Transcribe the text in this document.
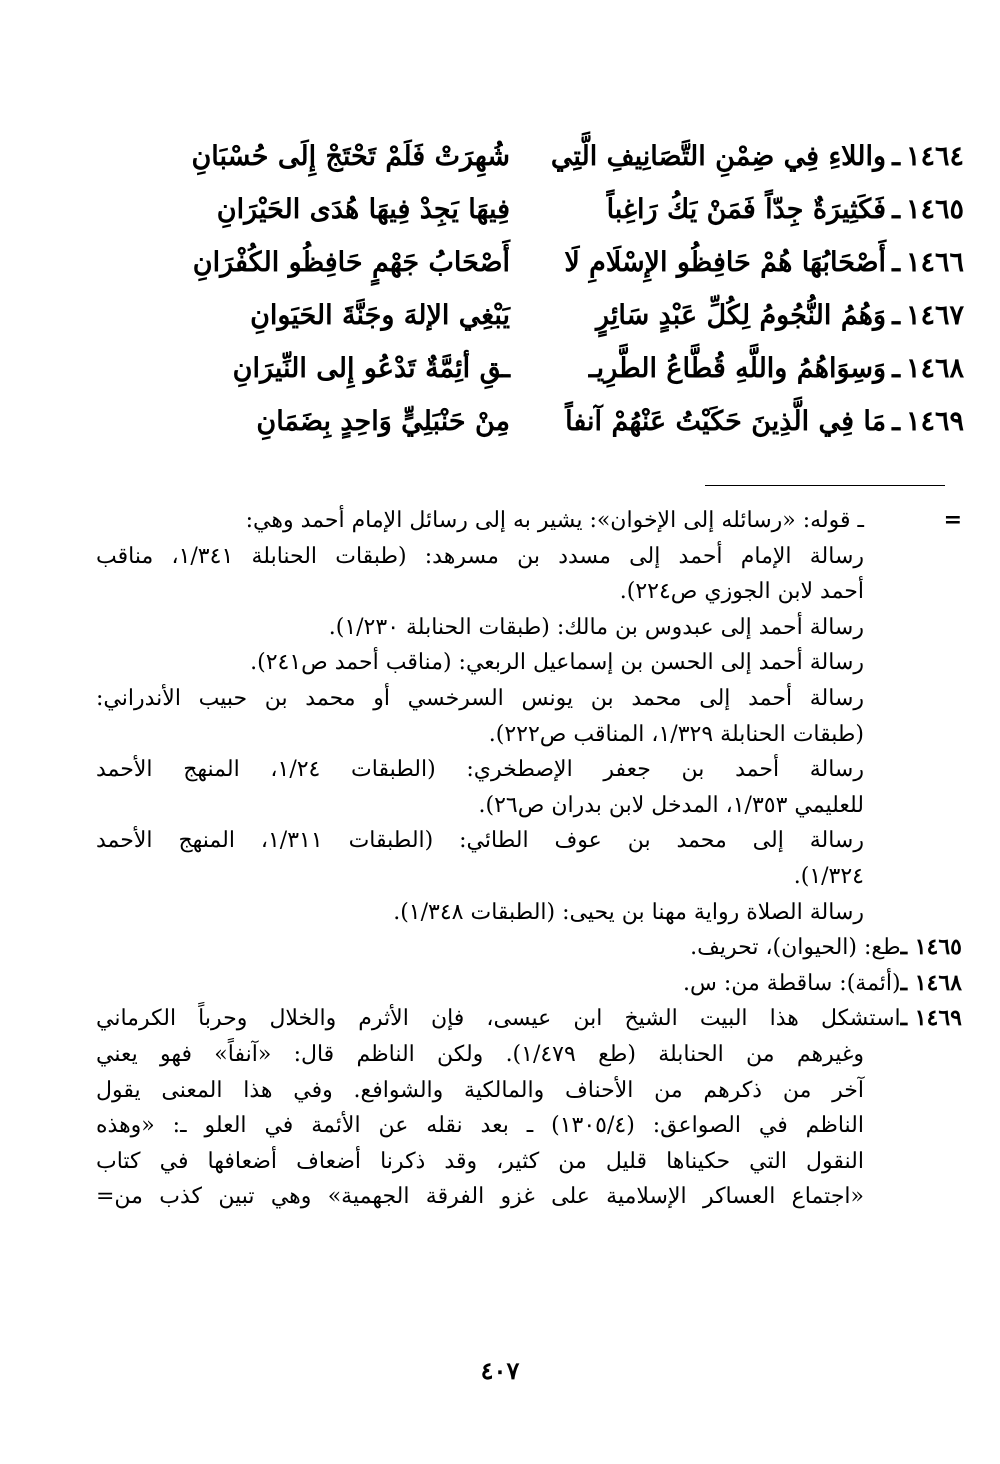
١٤٦٤
ـ
واللاءِ فِي ضِمْنِ التَّصَانِيفِ الَّتِي
شُهِرَتْ فَلَمْ تَحْتَجْ إِلَى حُسْبَانِ
١٤٦٥
ـ
فَكَثِيرَةٌ جِدّاً فَمَنْ يَكُ رَاغِباً
فِيهَا يَجِدْ فِيهَا هُدَى الحَيْرَانِ
١٤٦٦
ـ
أَصْحَابُهَا هُمْ حَافِظُو الإِسْلَامِ لَا
أَصْحَابُ جَهْمٍ حَافِظُو الكُفْرَانِ
١٤٦٧
ـ
وَهُمُ النُّجُومُ لِكُلِّ عَبْدٍ سَائِرٍ
يَبْغِي الإلهَ وجَنَّةَ الحَيَوانِ
١٤٦٨
ـ
وَسِوَاهُمُ واللَّهِ قُطَّاعُ الطَّرِيـ
ـقِ أئِمَّةٌ تَدْعُو إِلى النِّيرَانِ
١٤٦٩
ـ
مَا فِي الَّذِينَ حَكَيْتُ عَنْهُمْ آنفاً
مِنْ حَنْبَلِيٍّ وَاحِدٍ بِضَمَانِ
=
ـ قوله: «رسائله إلى الإخوان»: يشير به إلى رسائل الإمام أحمد وهي:
رسالة الإمام أحمد إلى مسدد بن مسرهد: (طبقات الحنابلة ١/٣٤١، مناقب
أحمد لابن الجوزي ص٢٢٤).
رسالة أحمد إلى عبدوس بن مالك: (طبقات الحنابلة ١/٢٣٠).
رسالة أحمد إلى الحسن بن إسماعيل الربعي: (مناقب أحمد ص٢٤١).
رسالة أحمد إلى محمد بن يونس السرخسي أو محمد بن حبيب الأندراني:
(طبقات الحنابلة ١/٣٢٩، المناقب ص٢٢٢).
رسالة أحمد بن جعفر الإصطخري: (الطبقات ١/٢٤، المنهج الأحمد
للعليمي ١/٣٥٣، المدخل لابن بدران ص٢٦).
رسالة إلى محمد بن عوف الطائي: (الطبقات ١/٣١١، المنهج الأحمد
١/٣٢٤).
رسالة الصلاة رواية مهنا بن يحيى: (الطبقات ١/٣٤٨).
١٤٦٥ ـ
طع: (الحيوان)، تحريف.
١٤٦٨ ـ
(أئمة): ساقطة من: س.
١٤٦٩ ـ
استشكل هذا البيت الشيخ ابن عيسى، فإن الأثرم والخلال وحرباً الكرماني
وغيرهم من الحنابلة (طع ١/٤٧٩). ولكن الناظم قال: «آنفاً» فهو يعني
آخر من ذكرهم من الأحناف والمالكية والشوافع. وفي هذا المعنى يقول
الناظم في الصواعق: (١٣٠٥/٤) ـ بعد نقله عن الأئمة في العلو ـ: «وهذه
النقول التي حكيناها قليل من كثير، وقد ذكرنا أضعاف أضعافها في كتاب
«اجتماع العساكر الإسلامية على غزو الفرقة الجهمية» وهي تبين كذب من=
٤٠٧
